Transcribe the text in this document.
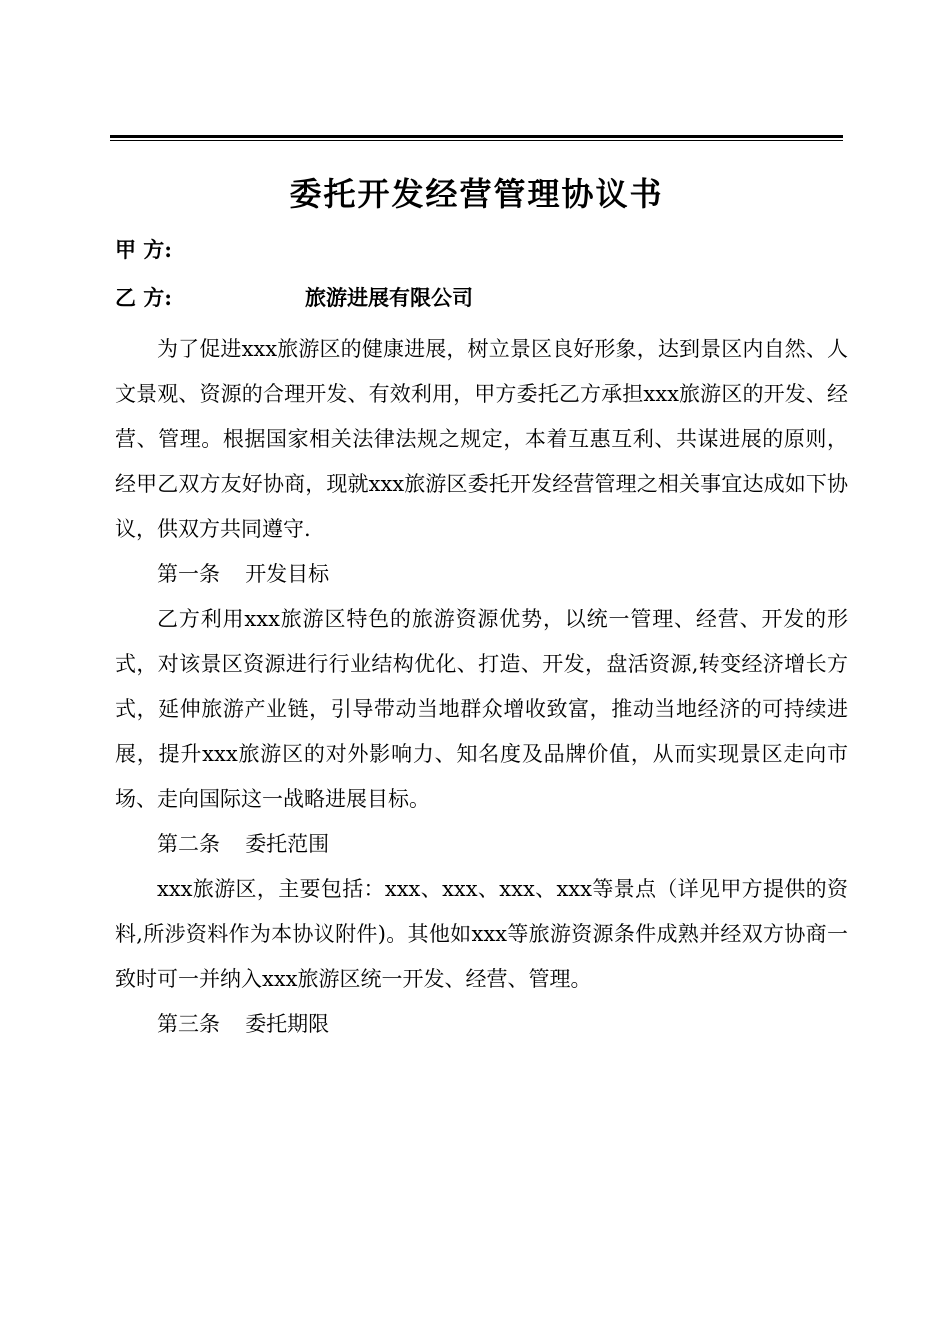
委托开发经营管理协议书
甲 方:
乙 方:	旅游进展有限公司

为了促进xxx旅游区的健康进展，树立景区良好形象，达到景区内自然、人文景观、资源的合理开发、有效利用，甲方委托乙方承担xxx旅游区的开发、经营、管理。根据国家相关法律法规之规定，本着互惠互利、共谋进展的原则，经甲乙双方友好协商，现就xxx旅游区委托开发经营管理之相关事宜达成如下协议，供双方共同遵守.

第一条 开发目标

乙方利用xxx旅游区特色的旅游资源优势，以统一管理、经营、开发的形式，对该景区资源进行行业结构优化、打造、开发，盘活资源,转变经济增长方式，延伸旅游产业链，引导带动当地群众增收致富，推动当地经济的可持续进展，提升xxx旅游区的对外影响力、知名度及品牌价值，从而实现景区走向市场、走向国际这一战略进展目标。

第二条 委托范围

xxx旅游区，主要包括：xxx、xxx、xxx、xxx等景点（详见甲方提供的资料,所涉资料作为本协议附件)。其他如xxx等旅游资源条件成熟并经双方协商一致时可一并纳入xxx旅游区统一开发、经营、管理。

第三条 委托期限
